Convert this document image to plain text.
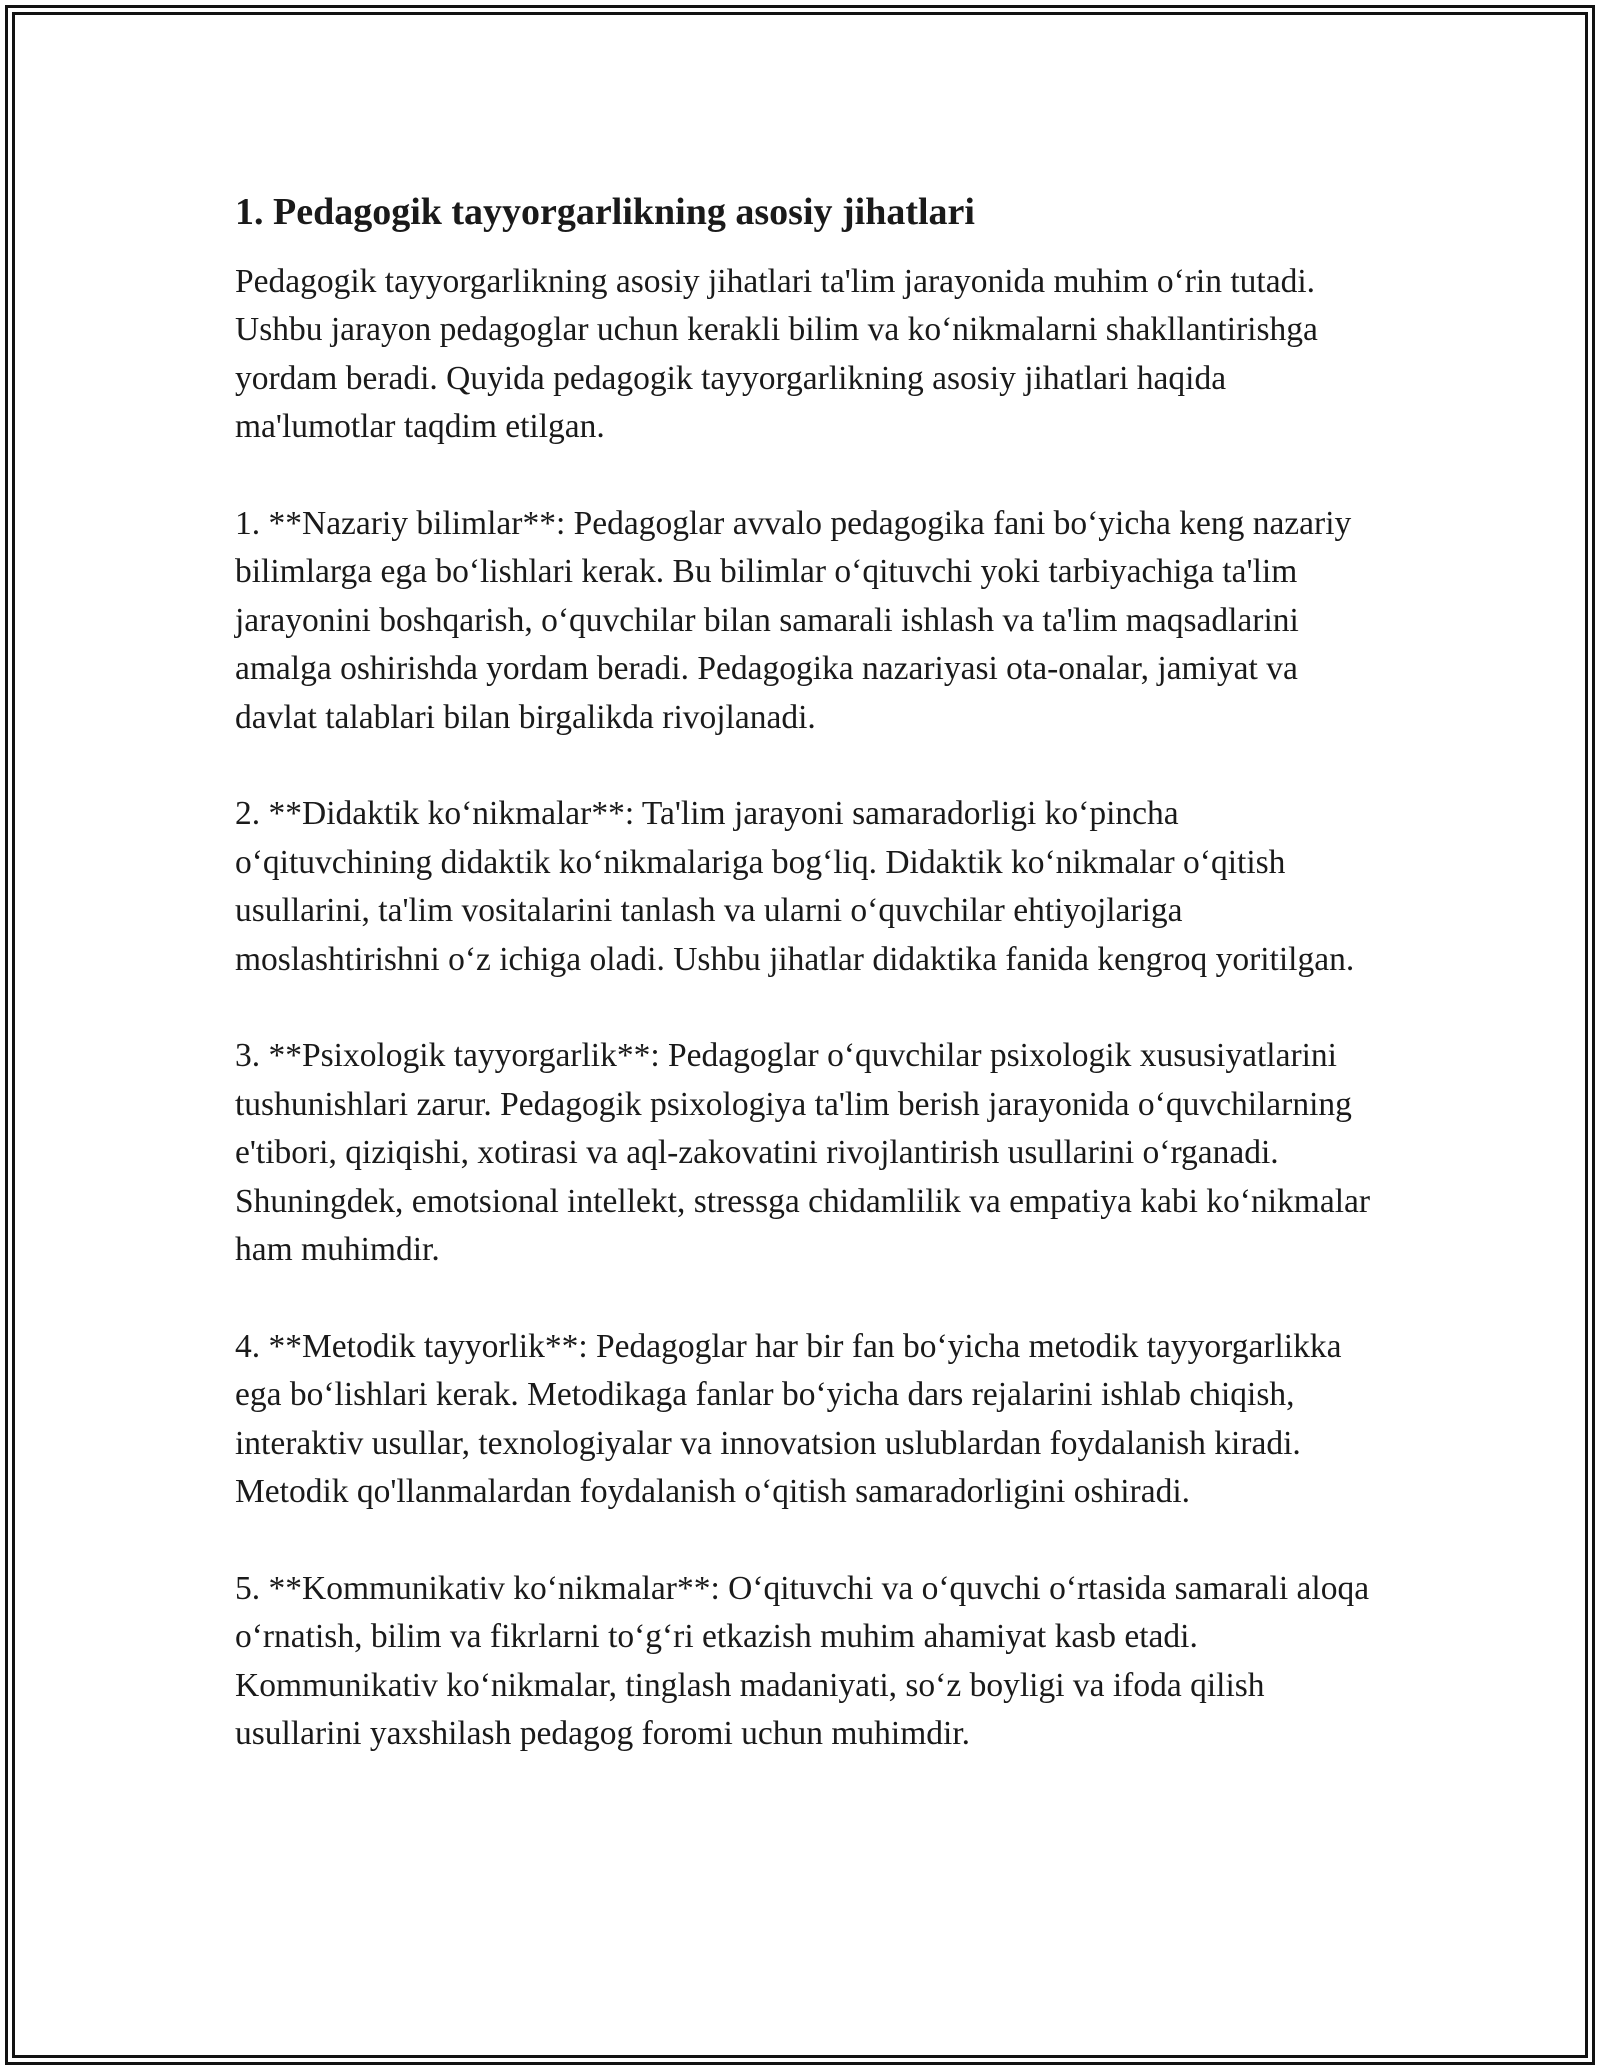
1. Pedagogik tayyorgarlikning asosiy jihatlari

Pedagogik tayyorgarlikning asosiy jihatlari ta'lim jarayonida muhim o‘rin tutadi. Ushbu jarayon pedagoglar uchun kerakli bilim va ko‘nikmalarni shakllantirishga yordam beradi. Quyida pedagogik tayyorgarlikning asosiy jihatlari haqida ma'lumotlar taqdim etilgan.

1. **Nazariy bilimlar**: Pedagoglar avvalo pedagogika fani bo‘yicha keng nazariy bilimlarga ega bo‘lishlari kerak. Bu bilimlar o‘qituvchi yoki tarbiyachiga ta'lim jarayonini boshqarish, o‘quvchilar bilan samarali ishlash va ta'lim maqsadlarini amalga oshirishda yordam beradi. Pedagogika nazariyasi ota-onalar, jamiyat va davlat talablari bilan birgalikda rivojlanadi.

2. **Didaktik ko‘nikmalar**: Ta'lim jarayoni samaradorligi ko‘pincha o‘qituvchining didaktik ko‘nikmalariga bog‘liq. Didaktik ko‘nikmalar o‘qitish usullarini, ta'lim vositalarini tanlash va ularni o‘quvchilar ehtiyojlariga moslashtirishni o‘z ichiga oladi. Ushbu jihatlar didaktika fanida kengroq yoritilgan.

3. **Psixologik tayyorgarlik**: Pedagoglar o‘quvchilar psixologik xususiyatlarini tushunishlari zarur. Pedagogik psixologiya ta'lim berish jarayonida o‘quvchilarning e'tibori, qiziqishi, xotirasi va aql-zakovatini rivojlantirish usullarini o‘rganadi. Shuningdek, emotsional intellekt, stressga chidamlilik va empatiya kabi ko‘nikmalar ham muhimdir.

4. **Metodik tayyorlik**: Pedagoglar har bir fan bo‘yicha metodik tayyorgarlikka ega bo‘lishlari kerak. Metodikaga fanlar bo‘yicha dars rejalarini ishlab chiqish, interaktiv usullar, texnologiyalar va innovatsion uslublardan foydalanish kiradi. Metodik qo'llanmalardan foydalanish o‘qitish samaradorligini oshiradi.

5. **Kommunikativ ko‘nikmalar**: O‘qituvchi va o‘quvchi o‘rtasida samarali aloqa o‘rnatish, bilim va fikrlarni to‘g‘ri etkazish muhim ahamiyat kasb etadi. Kommunikativ ko‘nikmalar, tinglash madaniyati, so‘z boyligi va ifoda qilish usullarini yaxshilash pedagog foromi uchun muhimdir.
